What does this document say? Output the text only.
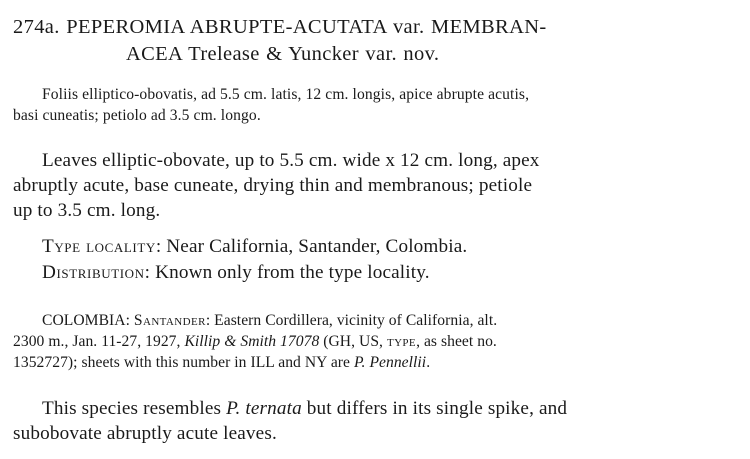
274a. PEPEROMIA ABRUPTE-ACUTATA var. MEMBRAN-
ACEA Trelease & Yuncker var. nov.
Foliis elliptico-obovatis, ad 5.5 cm. latis, 12 cm. longis, apice abrupte acutis,
basi cuneatis; petiolo ad 3.5 cm. longo.
Leaves elliptic-obovate, up to 5.5 cm. wide x 12 cm. long, apex
abruptly acute, base cuneate, drying thin and membranous; petiole
up to 3.5 cm. long.
Type locality: Near California, Santander, Colombia.
Distribution: Known only from the type locality.
COLOMBIA: Santander: Eastern Cordillera, vicinity of California, alt.
2300 m., Jan. 11-27, 1927, Killip & Smith 17078 (GH, US, type, as sheet no.
1352727); sheets with this number in ILL and NY are P. Pennellii.
This species resembles P. ternata but differs in its single spike, and
subobovate abruptly acute leaves.
